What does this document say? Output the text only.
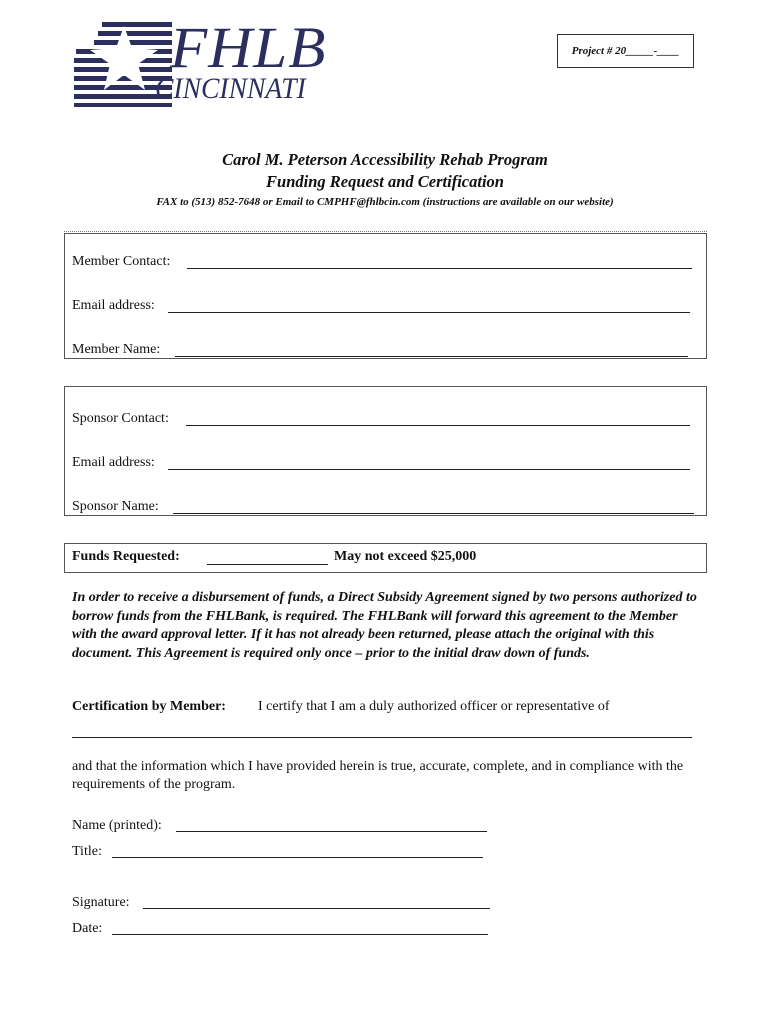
FHLB
CINCINNATI
Project # 20_____-____
Carol M. Peterson Accessibility Rehab Program
Funding Request and Certification
FAX to (513) 852-7648 or Email to CMPHF@fhlbcin.com (instructions are available on our website)
Member Contact:
Email address:
Member Name:
Sponsor Contact:
Email address:
Sponsor Name:
Funds Requested:	May not exceed $25,000
In order to receive a disbursement of funds, a Direct Subsidy Agreement signed by two persons authorized to borrow funds from the FHLBank, is required. The FHLBank will forward this agreement to the Member with the award approval letter. If it has not already been returned, please attach the original with this document. This Agreement is required only once – prior to the initial draw down of funds.
Certification by Member: I certify that I am a duly authorized officer or representative of
and that the information which I have provided herein is true, accurate, complete, and in compliance with the requirements of the program.
Name (printed):
Title:
Signature:
Date:
